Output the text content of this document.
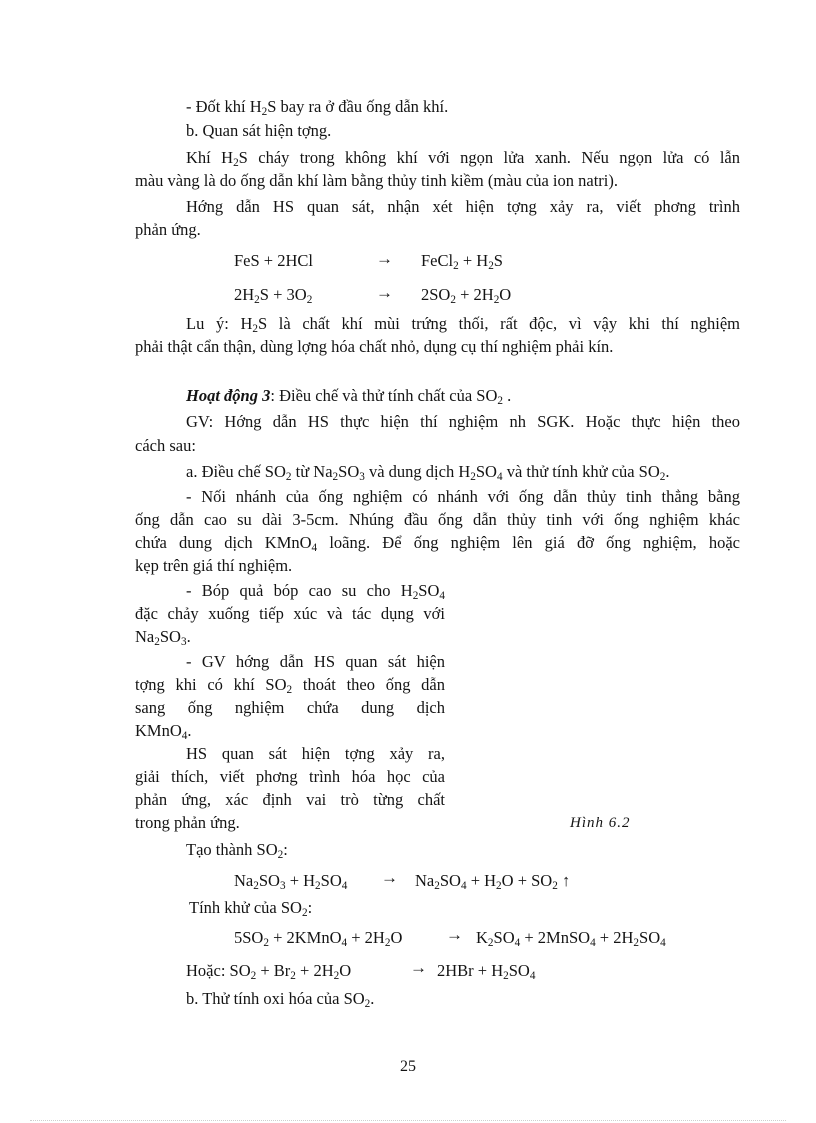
- Đốt khí $H_2S$ bay ra ở đầu ống dẫn khí.
b. Quan sát hiện tợng.
Khí $H_2S$ cháy trong không khí với ngọn lửa xanh. Nếu ngọn lửa có lẫn
màu vàng là do ống dẫn khí làm bằng thủy tinh kiềm (màu của ion natri).
Hớng dẫn HS quan sát, nhận xét hiện tợng xảy ra, viết phơng trình
phản ứng.
FeS + 2HCl	→ FeCl$_2$ + $H_2S$
$2H_2S + 3O_2$	→ $2SO_2 + 2H_2O$
Lu ý: $H_2S$ là chất khí mùi trứng thối, rất độc, vì vậy khi thí nghiệm
phải thật cẩn thận, dùng lợng hóa chất nhỏ, dụng cụ thí nghiệm phải kín.
Hoạt động 3: Điều chế và thử tính chất của $SO_2$ .
GV: Hớng dẫn HS thực hiện thí nghiệm nh SGK. Hoặc thực hiện theo
cách sau:
a. Điều chế $SO_2$ từ $Na_2SO_3$ và dung dịch $H_2SO_4$ và thử tính khử của $SO_2$.
- Nối nhánh của ống nghiệm có nhánh với ống dẫn thủy tinh thẳng bằng
ống dẫn cao su dài 3-5cm. Nhúng đầu ống dẫn thủy tinh với ống nghiệm khác
chứa dung dịch KMnO$_4$ loãng. Để ống nghiệm lên giá đỡ ống nghiệm, hoặc
kẹp trên giá thí nghiệm.
- Bóp quả bóp cao su cho $H_2SO_4$
đặc chảy xuống tiếp xúc và tác dụng với
$Na_2SO_3$.
- GV hớng dẫn HS quan sát hiện
tợng khi có khí $SO_2$ thoát theo ống dẫn
sang ống nghiệm chứa dung dịch
KMnO$_4$.
HS quan sát hiện tợng xảy ra,
giải thích, viết phơng trình hóa học của
phản ứng, xác định vai trò từng chất
trong phản ứng.	Hình 6.2
Tạo thành $SO_2$:
$Na_2SO_3 + H_2SO_4 \to Na_2SO_4 + H_2O + SO_2$ ↑
Tính khử của $SO_2$:
$5SO_2$ + 2KMnO$_4$ + $2H_2O$	→ $K_2SO_4$ + 2MnSO$_4$ + $2H_2SO_4$
Hoặc: $SO_2 + Br_2 + 2H_2O$	→ $2HBr + H_2SO_4$
b. Thử tính oxi hóa của $SO_2$.
25
